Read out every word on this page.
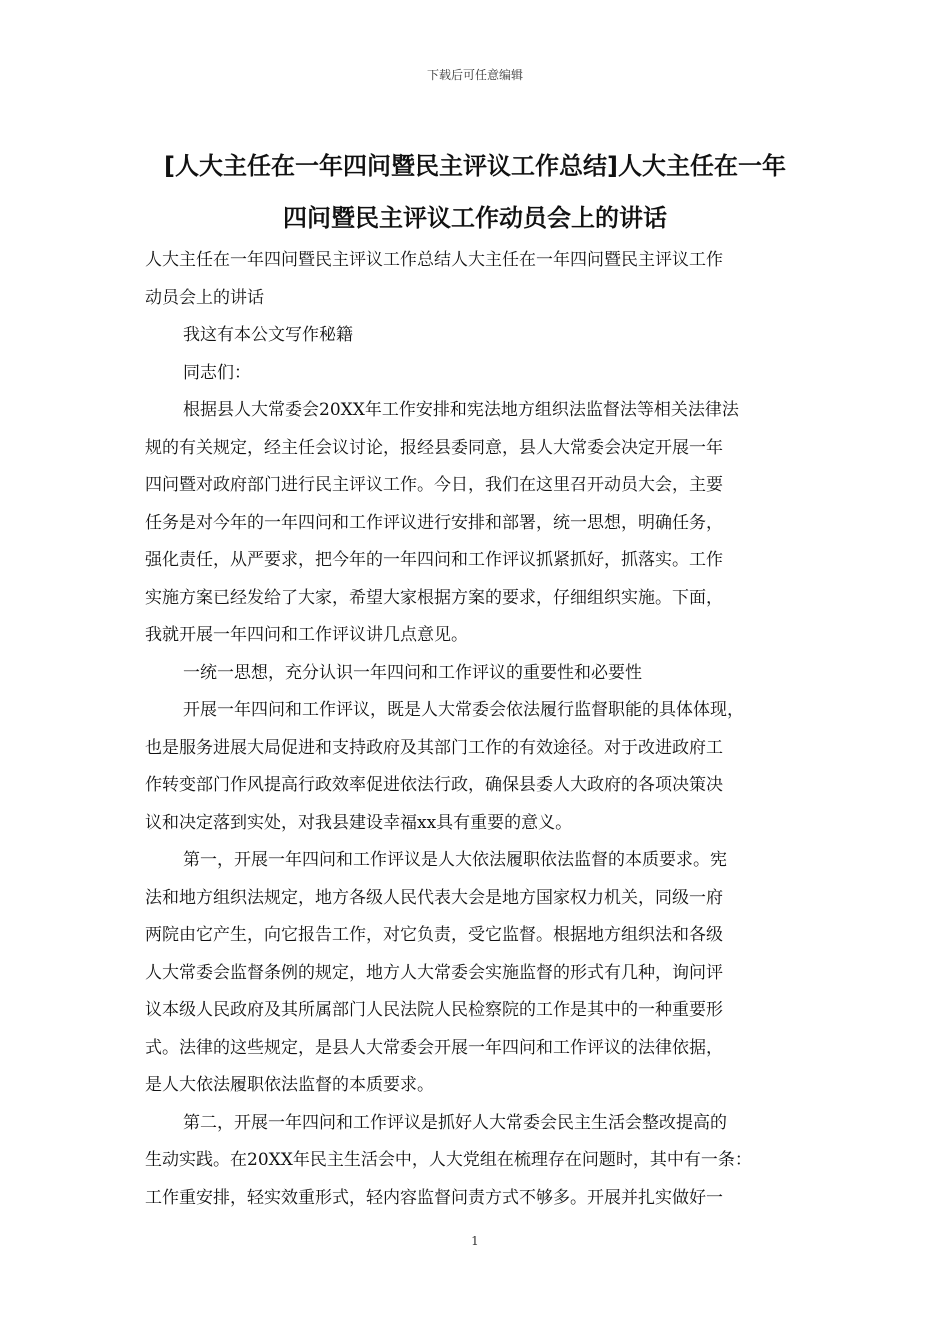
下载后可任意编辑
[人大主任在一年四问暨民主评议工作总结]人大主任在一年
四问暨民主评议工作动员会上的讲话

人大主任在一年四问暨民主评议工作总结人大主任在一年四问暨民主评议工作
动员会上的讲话

我这有本公文写作秘籍

同志们：

根据县人大常委会20XX年工作安排和宪法地方组织法监督法等相关法律法
规的有关规定，经主任会议讨论，报经县委同意，县人大常委会决定开展一年
四问暨对政府部门进行民主评议工作。今日，我们在这里召开动员大会，主要
任务是对今年的一年四问和工作评议进行安排和部署，统一思想，明确任务，
强化责任，从严要求，把今年的一年四问和工作评议抓紧抓好，抓落实。工作
实施方案已经发给了大家，希望大家根据方案的要求，仔细组织实施。下面，
我就开展一年四问和工作评议讲几点意见。

一统一思想，充分认识一年四问和工作评议的重要性和必要性

开展一年四问和工作评议，既是人大常委会依法履行监督职能的具体体现，
也是服务进展大局促进和支持政府及其部门工作的有效途径。对于改进政府工
作转变部门作风提高行政效率促进依法行政，确保县委人大政府的各项决策决
议和决定落到实处，对我县建设幸福xx具有重要的意义。

第一，开展一年四问和工作评议是人大依法履职依法监督的本质要求。宪
法和地方组织法规定，地方各级人民代表大会是地方国家权力机关，同级一府
两院由它产生，向它报告工作，对它负责，受它监督。根据地方组织法和各级
人大常委会监督条例的规定，地方人大常委会实施监督的形式有几种，询问评
议本级人民政府及其所属部门人民法院人民检察院的工作是其中的一种重要形
式。法律的这些规定，是县人大常委会开展一年四问和工作评议的法律依据，
是人大依法履职依法监督的本质要求。

第二，开展一年四问和工作评议是抓好人大常委会民主生活会整改提高的
生动实践。在20XX年民主生活会中，人大党组在梳理存在问题时，其中有一条：
工作重安排，轻实效重形式，轻内容监督问责方式不够多。开展并扎实做好一

1
